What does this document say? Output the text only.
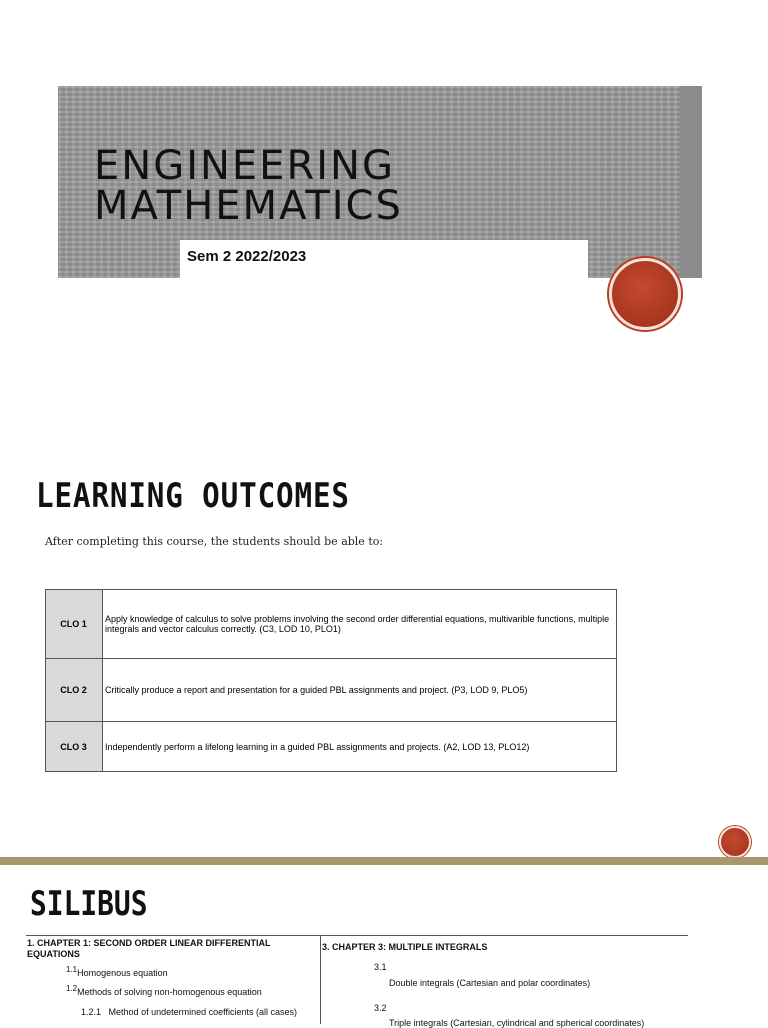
ENGINEERING
MATHEMATICS
Sem 2 2022/2023
LEARNING OUTCOMES
After completing this course, the students should be able to:
CLO 1	Apply knowledge of calculus to solve problems involving the second order differential equations, multivarible functions, multiple integrals and vector calculus correctly. (C3, LOD 10, PLO1)
CLO 2	Critically produce a report and presentation for a guided PBL assignments and project. (P3, LOD 9, PLO5)
CLO 3	Independently perform a lifelong learning in a guided PBL assignments and projects. (A2, LOD 13, PLO12)
SILIBUS
1. CHAPTER 1: SECOND ORDER LINEAR DIFFERENTIAL
EQUATIONS
$^{1.1}$Homogenous equation
$^{1.2}$Methods of solving non-homogenous equation
1.2.1 Method of undetermined coefficients (all cases)
3. CHAPTER 3: MULTIPLE INTEGRALS
3.1
Double integrals (Cartesian and polar coordinates)
3.2
Triple integrals (Cartesian, cylindrical and spherical coordinates)
